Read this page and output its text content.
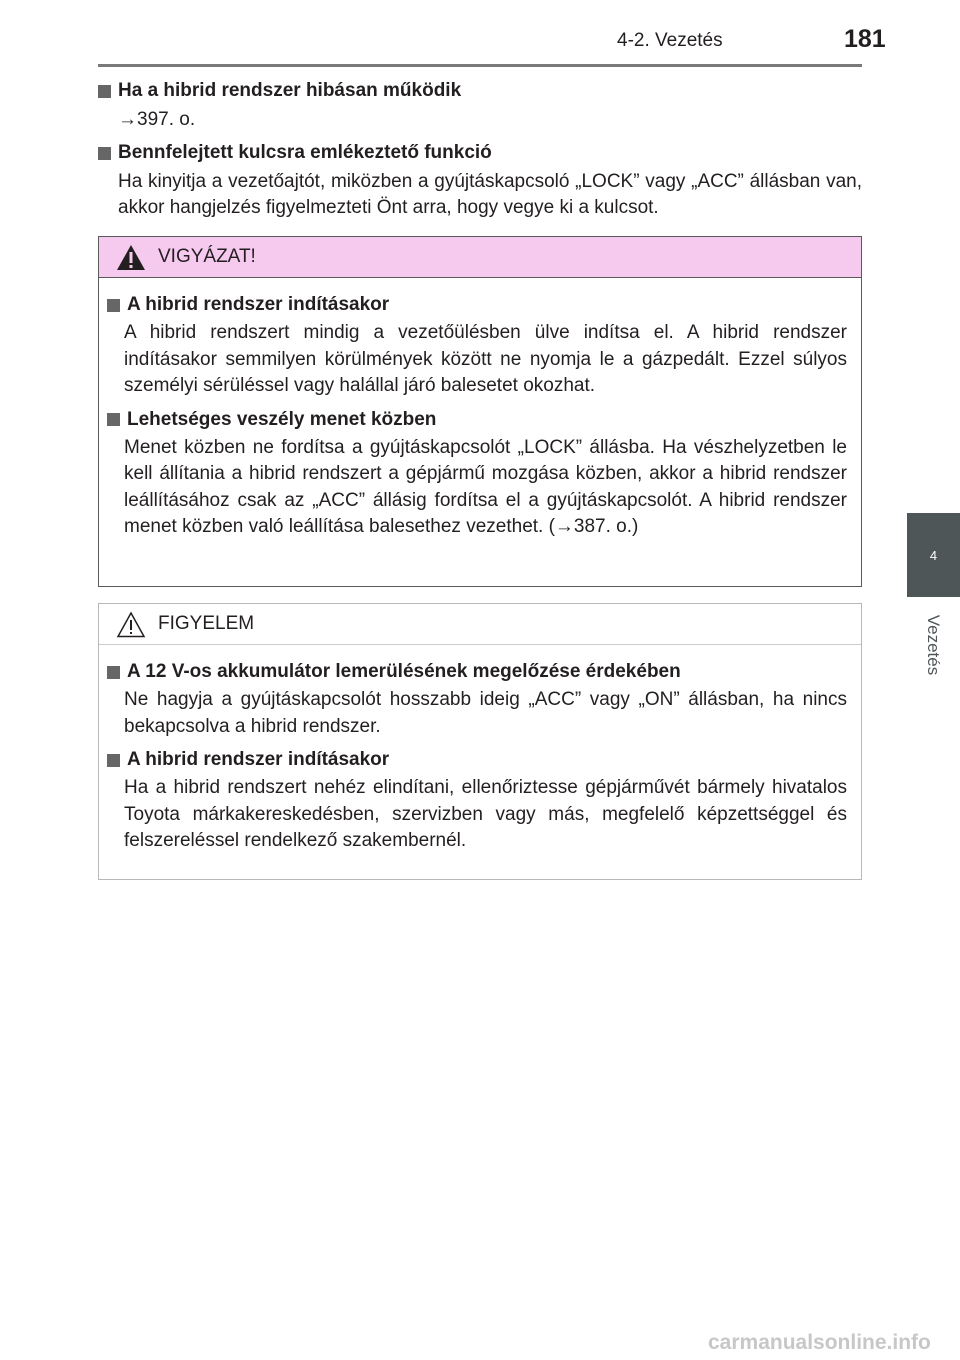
4-2. Vezetés	181
4
Vezetés
Ha a hibrid rendszer hibásan működik
→397. o.
Bennfelejtett kulcsra emlékeztető funkció
Ha kinyitja a vezetőajtót, miközben a gyújtáskapcsoló „LOCK” vagy „ACC” állásban van, akkor hangjelzés figyelmezteti Önt arra, hogy vegye ki a kulcsot.
VIGYÁZAT!
A hibrid rendszer indításakor
A hibrid rendszert mindig a vezetőülésben ülve indítsa el. A hibrid rendszer indításakor semmilyen körülmények között ne nyomja le a gázpedált. Ezzel súlyos személyi sérüléssel vagy halállal járó balesetet okozhat.
Lehetséges veszély menet közben
Menet közben ne fordítsa a gyújtáskapcsolót „LOCK” állásba. Ha vészhelyzetben le kell állítania a hibrid rendszert a gépjármű mozgása közben, akkor a hibrid rendszer leállításához csak az „ACC” állásig fordítsa el a gyújtáskapcsolót. A hibrid rendszer menet közben való leállítása balesethez vezethet. (→387. o.)
FIGYELEM
A 12 V-os akkumulátor lemerülésének megelőzése érdekében
Ne hagyja a gyújtáskapcsolót hosszabb ideig „ACC” vagy „ON” állásban, ha nincs bekapcsolva a hibrid rendszer.
A hibrid rendszer indításakor
Ha a hibrid rendszert nehéz elindítani, ellenőriztesse gépjárművét bármely hivatalos Toyota márkakereskedésben, szervizben vagy más, megfelelő képzettséggel és felszereléssel rendelkező szakembernél.
carmanualsonline.info
